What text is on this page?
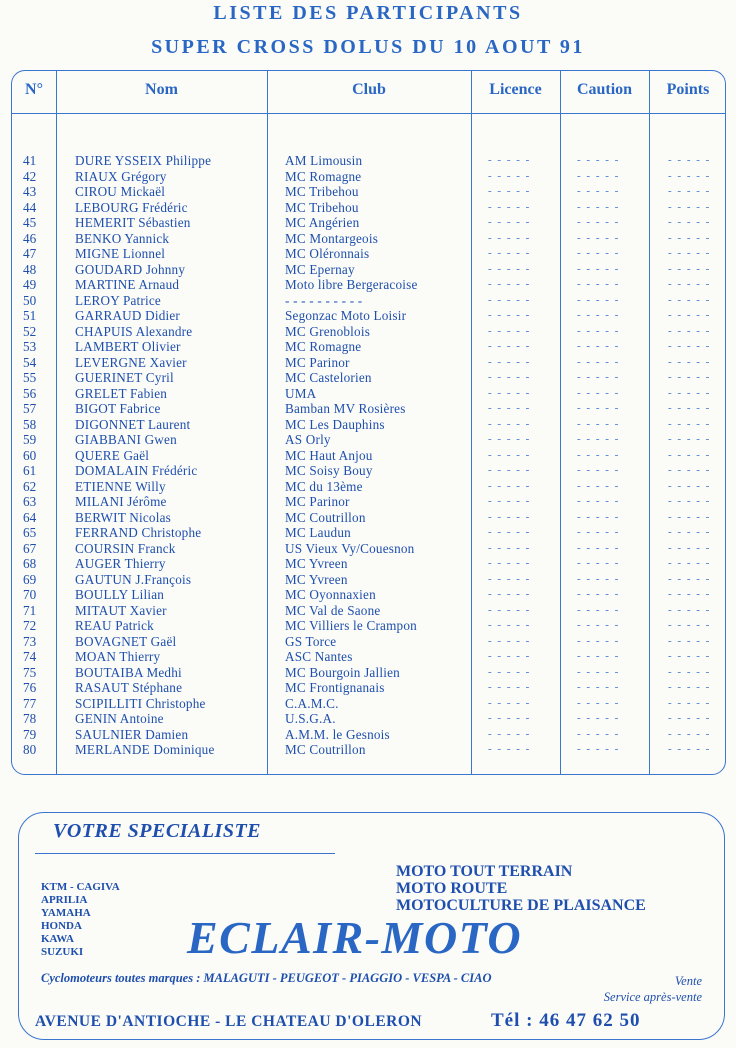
LISTE DES PARTICIPANTS
SUPER CROSS DOLUS DU 10 AOUT 91
N°	Nom	Club	Licence	Caution	Points
41	DURE YSSEIX Philippe	AM Limousin	- - - - -	- - - - -	- - - - -
42	RIAUX Grégory	MC Romagne	- - - - -	- - - - -	- - - - -
43	CIROU Mickaël	MC Tribehou	- - - - -	- - - - -	- - - - -
44	LEBOURG Frédéric	MC Tribehou	- - - - -	- - - - -	- - - - -
45	HEMERIT Sébastien	MC Angérien	- - - - -	- - - - -	- - - - -
46	BENKO Yannick	MC Montargeois	- - - - -	- - - - -	- - - - -
47	MIGNE Lionnel	MC Oléronnais	- - - - -	- - - - -	- - - - -
48	GOUDARD Johnny	MC Epernay	- - - - -	- - - - -	- - - - -
49	MARTINE Arnaud	Moto libre Bergeracoise	- - - - -	- - - - -	- - - - -
50	LEROY Patrice	- - - - - - - - - -	- - - - -	- - - - -	- - - - -
51	GARRAUD Didier	Segonzac Moto Loisir	- - - - -	- - - - -	- - - - -
52	CHAPUIS Alexandre	MC Grenoblois	- - - - -	- - - - -	- - - - -
53	LAMBERT Olivier	MC Romagne	- - - - -	- - - - -	- - - - -
54	LEVERGNE Xavier	MC Parinor	- - - - -	- - - - -	- - - - -
55	GUERINET Cyril	MC Castelorien	- - - - -	- - - - -	- - - - -
56	GRELET Fabien	UMA	- - - - -	- - - - -	- - - - -
57	BIGOT Fabrice	Bamban MV Rosières	- - - - -	- - - - -	- - - - -
58	DIGONNET Laurent	MC Les Dauphins	- - - - -	- - - - -	- - - - -
59	GIABBANI Gwen	AS Orly	- - - - -	- - - - -	- - - - -
60	QUERE Gaël	MC Haut Anjou	- - - - -	- - - - -	- - - - -
61	DOMALAIN Frédéric	MC Soisy Bouy	- - - - -	- - - - -	- - - - -
62	ETIENNE Willy	MC du 13ème	- - - - -	- - - - -	- - - - -
63	MILANI Jérôme	MC Parinor	- - - - -	- - - - -	- - - - -
64	BERWIT Nicolas	MC Coutrillon	- - - - -	- - - - -	- - - - -
65	FERRAND Christophe	MC Laudun	- - - - -	- - - - -	- - - - -
67	COURSIN Franck	US Vieux Vy/Couesnon	- - - - -	- - - - -	- - - - -
68	AUGER Thierry	MC Yvreen	- - - - -	- - - - -	- - - - -
69	GAUTUN J.François	MC Yvreen	- - - - -	- - - - -	- - - - -
70	BOULLY Lilian	MC Oyonnaxien	- - - - -	- - - - -	- - - - -
71	MITAUT Xavier	MC Val de Saone	- - - - -	- - - - -	- - - - -
72	REAU Patrick	MC Villiers le Crampon	- - - - -	- - - - -	- - - - -
73	BOVAGNET Gaël	GS Torce	- - - - -	- - - - -	- - - - -
74	MOAN Thierry	ASC Nantes	- - - - -	- - - - -	- - - - -
75	BOUTAIBA Medhi	MC Bourgoin Jallien	- - - - -	- - - - -	- - - - -
76	RASAUT Stéphane	MC Frontignanais	- - - - -	- - - - -	- - - - -
77	SCIPILLITI Christophe	C.A.M.C.	- - - - -	- - - - -	- - - - -
78	GENIN Antoine	U.S.G.A.	- - - - -	- - - - -	- - - - -
79	SAULNIER Damien	A.M.M. le Gesnois	- - - - -	- - - - -	- - - - -
80	MERLANDE Dominique	MC Coutrillon	- - - - -	- - - - -	- - - - -
VOTRE SPECIALISTE
KTM - CAGIVA
APRILIA
YAMAHA
HONDA
KAWA
SUZUKI
MOTO TOUT TERRAIN
MOTO ROUTE
MOTOCULTURE DE PLAISANCE
ECLAIR-MOTO
Cyclomoteurs toutes marques : MALAGUTI - PEUGEOT - PIAGGIO - VESPA - CIAO	Vente
Service après-vente
AVENUE D'ANTIOCHE - LE CHATEAU D'OLERON	Tél : 46 47 62 50
